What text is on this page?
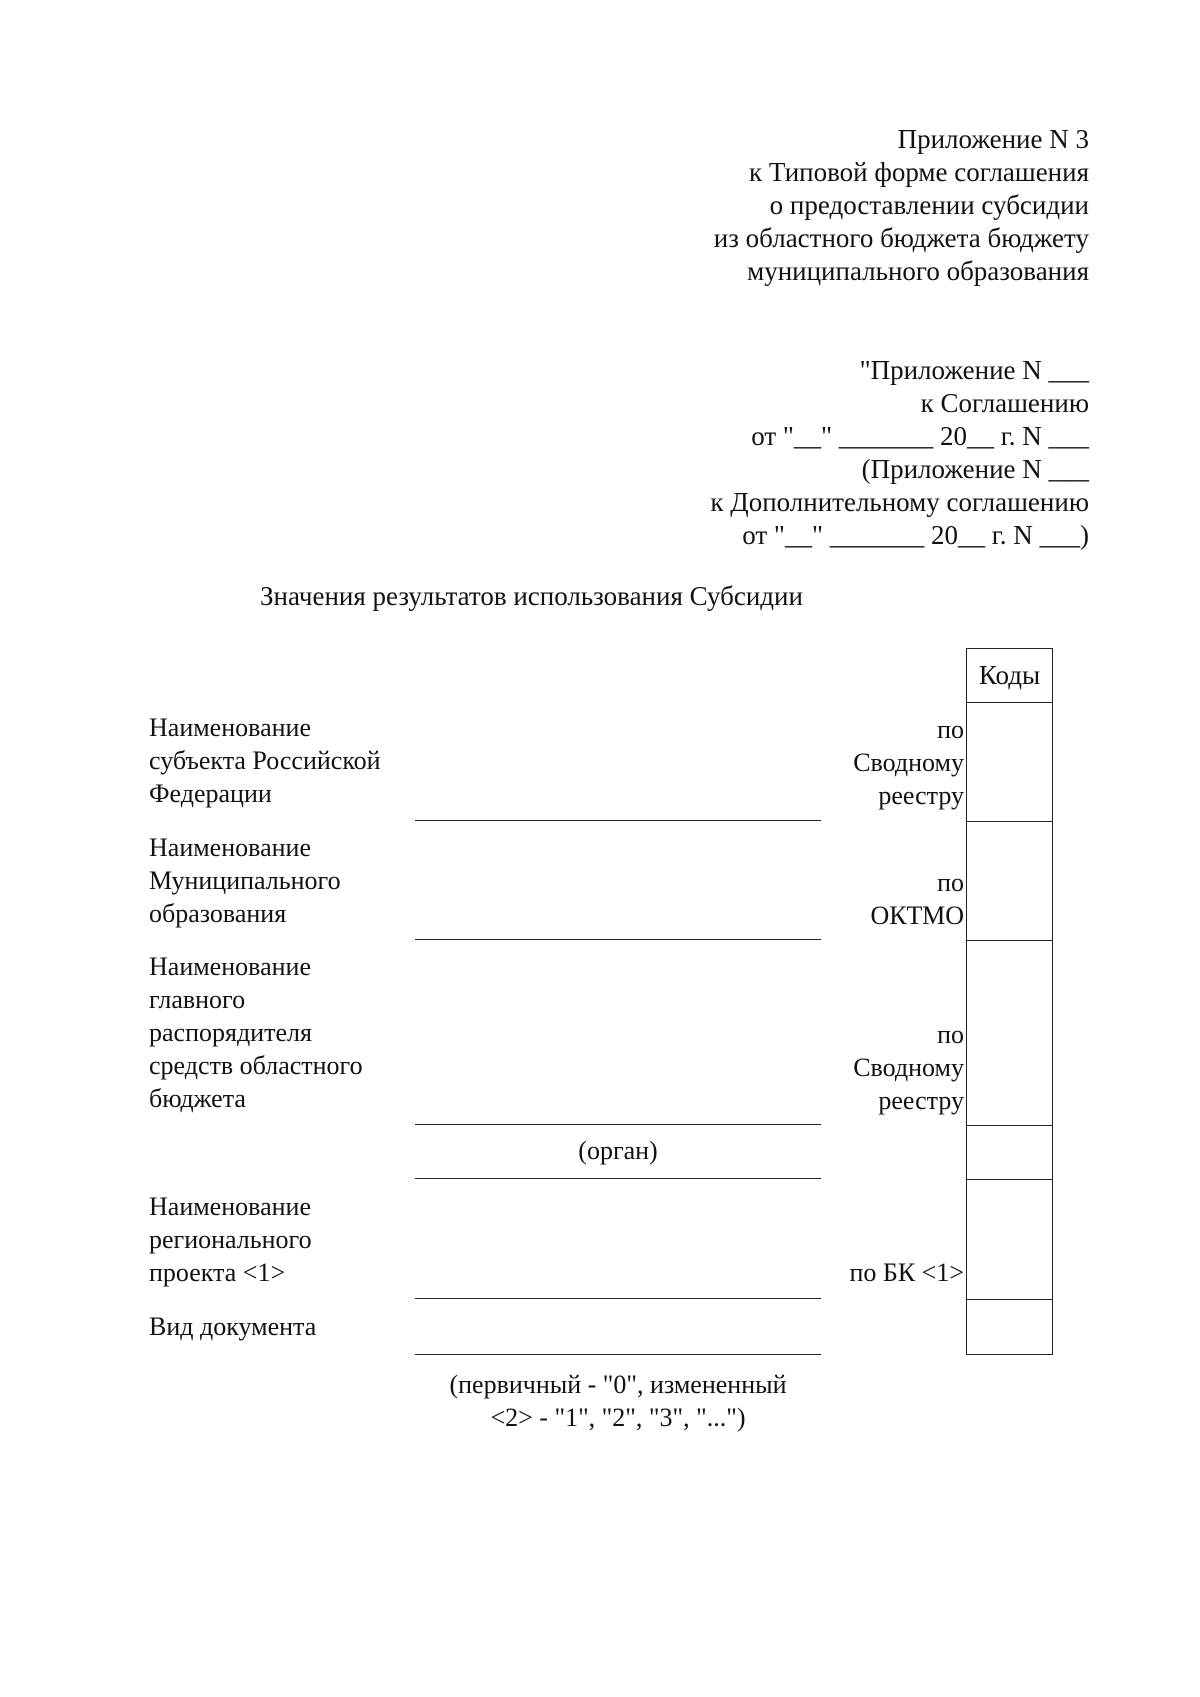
Приложение N 3
к Типовой форме соглашения
о предоставлении субсидии
из областного бюджета бюджету
муниципального образования
"Приложение N ___
к Соглашению
от "__" _______ 20__ г. N ___
(Приложение N ___
к Дополнительному соглашению
от "__" _______ 20__ г. N ___)
Значения результатов использования Субсидии
Коды
Наименование
субъекта Российской
Федерации
по
Сводному
реестру
Наименование
Муниципального
образования
по
ОКТМО
Наименование
главного
распорядителя
средств областного
бюджета
по
Сводному
реестру
(орган)
Наименование
регионального
проекта <1>	по БК <1>
Вид документа
(первичный - "0", измененный
<2> - "1", "2", "3", "...")
